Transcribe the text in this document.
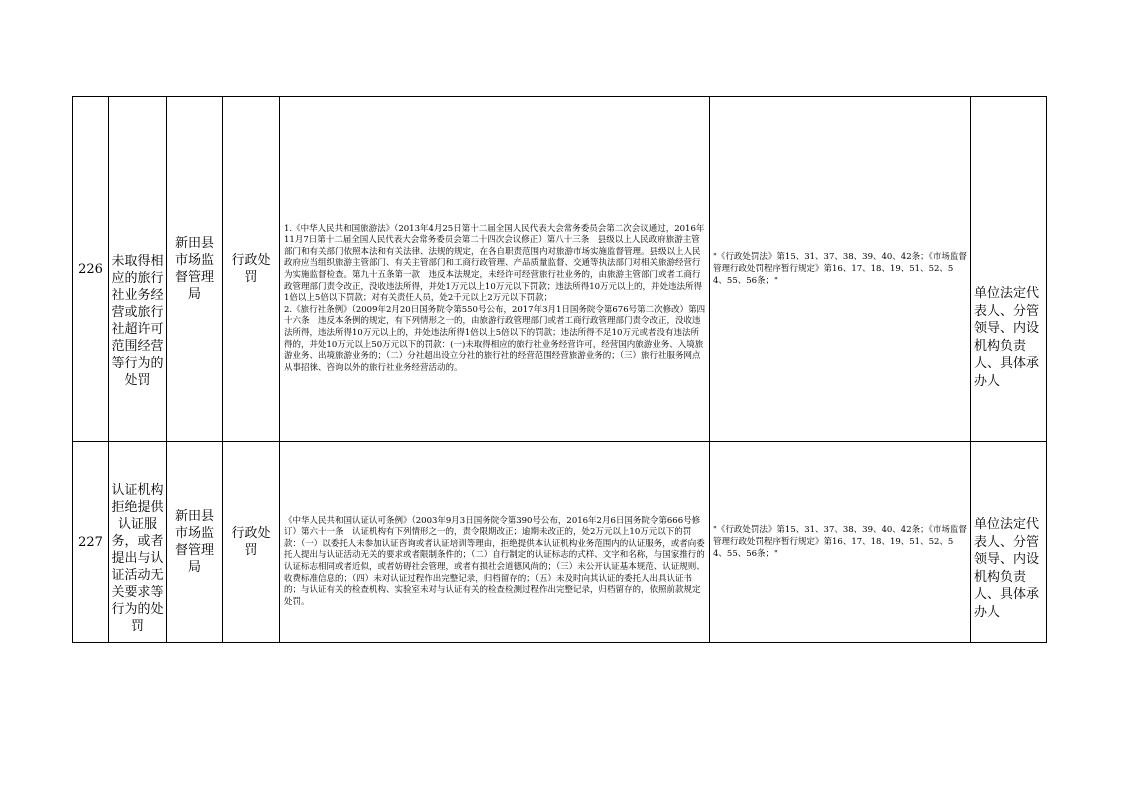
226	未取得相应的旅行社业务经营或旅行社超许可范围经营等行为的处罚	新田县市场监督管理局	行政处罚	1.《中华人民共和国旅游法》（2013年4月25日第十二届全国人民代表大会常务委员会第二次会议通过，2016年11月7日第十二届全国人民代表大会常务委员会第二十四次会议修正）第八十三条　县级以上人民政府旅游主管部门和有关部门依照本法和有关法律、法规的规定，在各自职责范围内对旅游市场实施监督管理。县级以上人民政府应当组织旅游主管部门、有关主管部门和工商行政管理、产品质量监督、交通等执法部门对相关旅游经营行为实施监督检查。第九十五条第一款　违反本法规定，未经许可经营旅行社业务的，由旅游主管部门或者工商行政管理部门责令改正，没收违法所得，并处1万元以上10万元以下罚款；违法所得10万元以上的，并处违法所得1倍以上5倍以下罚款；对有关责任人员，处2千元以上2万元以下罚款；

2.《旅行社条例》（2009年2月20日国务院令第550号公布，2017年3月1日国务院令第676号第二次修改）第四十六条　违反本条例的规定，有下列情形之一的，由旅游行政管理部门或者工商行政管理部门责令改正，没收违法所得，违法所得10万元以上的，并处违法所得1倍以上5倍以下的罚款；违法所得不足10万元或者没有违法所得的，并处10万元以上50万元以下的罚款：(一)未取得相应的旅行社业务经营许可，经营国内旅游业务、入境旅游业务、出境旅游业务的；（二）分社超出设立分社的旅行社的经营范围经营旅游业务的；（三）旅行社服务网点从事招徕、咨询以外的旅行社业务经营活动的。	"《行政处罚法》第15、31、37、38、39、40、42条；《市场监督管理行政处罚程序暂行规定》第16、17、18、19、51、52、54、55、56条；"	单位法定代表人、分管领导、内设机构负责人、具体承办人
227	认证机构拒绝提供认证服务，或者提出与认证活动无关要求等行为的处罚	新田县市场监督管理局	行政处罚	《中华人民共和国认证认可条例》（2003年9月3日国务院令第390号公布，2016年2月6日国务院令第666号修订）第六十一条　认证机构有下列情形之一的，责令限期改正；逾期未改正的，处2万元以上10万元以下的罚款：（一）以委托人未参加认证咨询或者认证培训等理由，拒绝提供本认证机构业务范围内的认证服务，或者向委托人提出与认证活动无关的要求或者限制条件的；（二）自行制定的认证标志的式样、文字和名称，与国家推行的认证标志相同或者近似，或者妨碍社会管理，或者有损社会道德风尚的；（三）未公开认证基本规范、认证规则、收费标准信息的；（四）未对认证过程作出完整记录，归档留存的；（五）未及时向其认证的委托人出具认证书的；与认证有关的检查机构、实验室未对与认证有关的检查检测过程作出完整记录，归档留存的，依照前款规定处罚。	"《行政处罚法》第15、31、37、38、39、40、42条；《市场监督管理行政处罚程序暂行规定》第16、17、18、19、51、52、54、55、56条；"	单位法定代表人、分管领导、内设机构负责人、具体承办人
